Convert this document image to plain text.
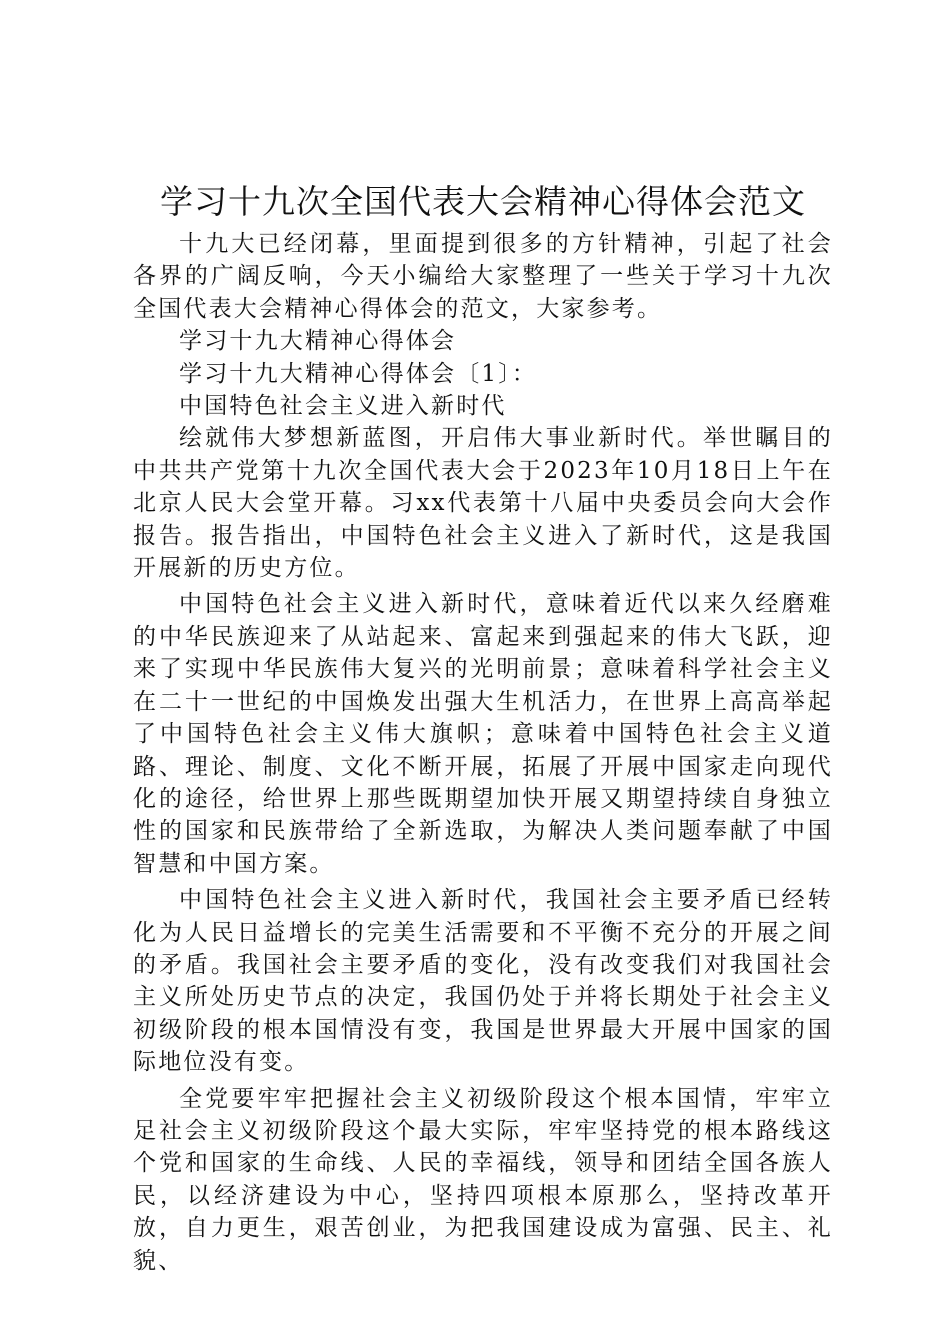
学习十九次全国代表大会精神心得体会范文

十九大已经闭幕，里面提到很多的方针精神，引起了社会各界的广阔反响，今天小编给大家整理了一些关于学习十九次全国代表大会精神心得体会的范文，大家参考。

学习十九大精神心得体会

学习十九大精神心得体会〔1〕：

中国特色社会主义进入新时代

绘就伟大梦想新蓝图，开启伟大事业新时代。举世瞩目的中共共产党第十九次全国代表大会于2023年10月18日上午在北京人民大会堂开幕。习xx代表第十八届中央委员会向大会作报告。报告指出，中国特色社会主义进入了新时代，这是我国开展新的历史方位。

中国特色社会主义进入新时代，意味着近代以来久经磨难的中华民族迎来了从站起来、富起来到强起来的伟大飞跃，迎来了实现中华民族伟大复兴的光明前景；意味着科学社会主义在二十一世纪的中国焕发出强大生机活力，在世界上高高举起了中国特色社会主义伟大旗帜；意味着中国特色社会主义道路、理论、制度、文化不断开展，拓展了开展中国家走向现代化的途径，给世界上那些既期望加快开展又期望持续自身独立性的国家和民族带给了全新选取，为解决人类问题奉献了中国智慧和中国方案。

中国特色社会主义进入新时代，我国社会主要矛盾已经转化为人民日益增长的完美生活需要和不平衡不充分的开展之间的矛盾。我国社会主要矛盾的变化，没有改变我们对我国社会主义所处历史节点的决定，我国仍处于并将长期处于社会主义初级阶段的根本国情没有变，我国是世界最大开展中国家的国际地位没有变。

全党要牢牢把握社会主义初级阶段这个根本国情，牢牢立足社会主义初级阶段这个最大实际，牢牢坚持党的根本路线这个党和国家的生命线、人民的幸福线，领导和团结全国各族人民，以经济建设为中心，坚持四项根本原那么，坚持改革开放，自力更生，艰苦创业，为把我国建设成为富强、民主、礼貌、
